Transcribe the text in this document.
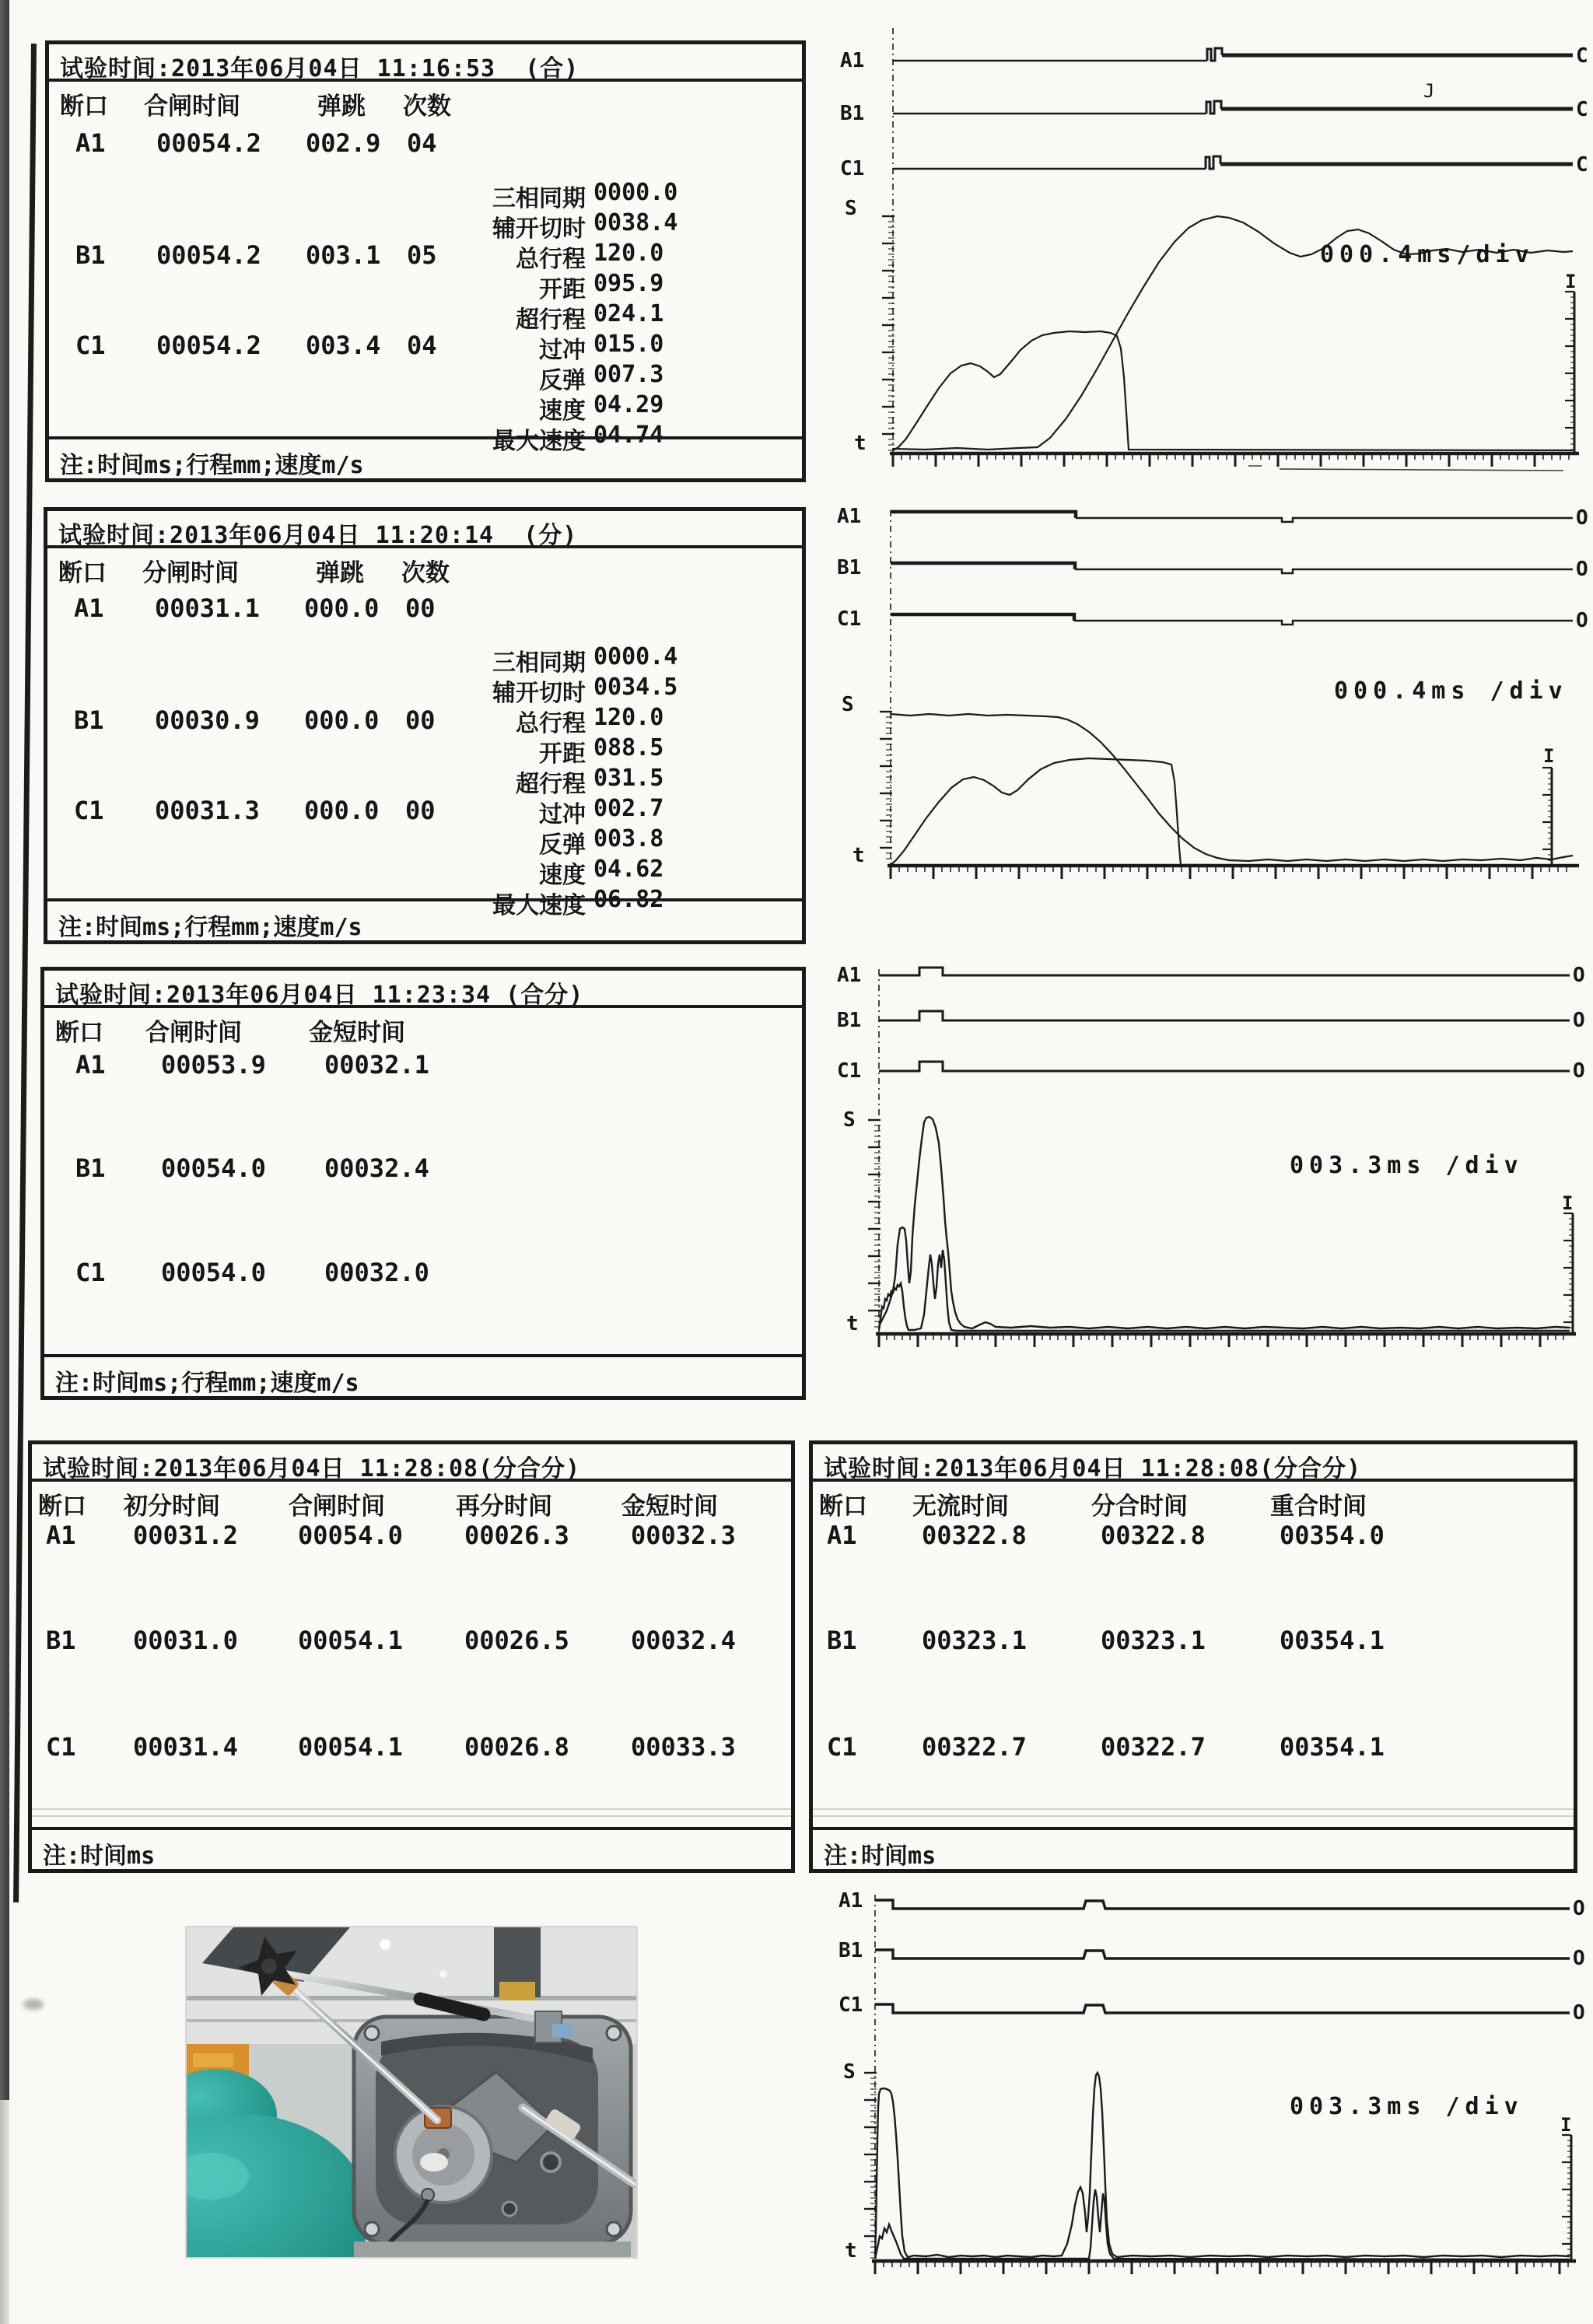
试验时间:2013年06月04日 11:16:53  (合)
断口 合闸时间	弹跳 次数
A1 00054.2 002.9 04
B1 00054.2 003.1 05
C1 00054.2 003.4 04
三相同期 0000.0
辅开切时 0038.4
总行程 120.0
开距 095.9
超行程 024.1
过冲 015.0
反弹 007.3
速度 04.29
最大速度 04.74
注:时间ms;行程mm;速度m/s
试验时间:2013年06月04日 11:20:14  (分)
断口 分闸时间	弹跳 次数
A1 00031.1 000.0 00
B1 00030.9 000.0 00
C1 00031.3 000.0 00
三相同期 0000.4
辅开切时 0034.5
总行程 120.0
开距 088.5
超行程 031.5
过冲 002.7
反弹 003.8
速度 04.62
最大速度 06.82
注:时间ms;行程mm;速度m/s
试验时间:2013年06月04日 11:23:34 (合分)
断口 合闸时间	金短时间
A1 00053.9 00032.1
B1 00054.0 00032.4
C1 00054.0 00032.0
注:时间ms;行程mm;速度m/s
试验时间:2013年06月04日 11:28:08(分合分)
断口 初分时间	合闸时间	再分时间	金短时间
A1 00031.2 00054.0 00026.3 00032.3
B1 00031.0 00054.1 00026.5 00032.4
C1 00031.4 00054.1 00026.8 00033.3
注:时间ms
试验时间:2013年06月04日 11:28:08(分合分)
断口 无流时间	分合时间	重合时间
A1	00322.8	00322.8	00354.0
B1	00323.1	00323.1	00354.1
C1	00322.7	00322.7	00354.1
注:时间ms
A1
B1
C1
S
t
I
C
C
C
000.4ms/div
J
A1
B1
C1
S
t
I
O
O
O
000.4ms /div
A1
B1
C1
S
t
I
O
O
O
003.3ms /div
A1
B1
C1
S
t
I
O
O
O
003.3ms /div
